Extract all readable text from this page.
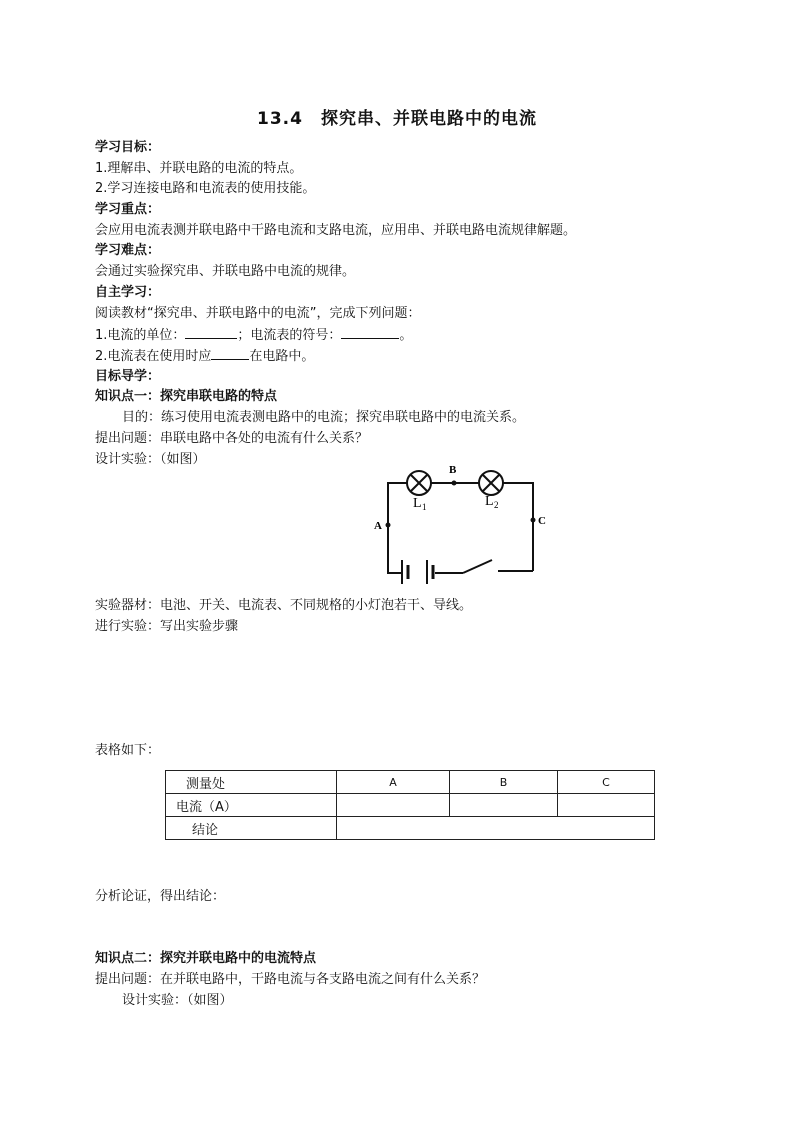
13.4　探究串、并联电路中的电流
学习目标：
1.理解串、并联电路的电流的特点。
2.学习连接电路和电流表的使用技能。
学习重点：
会应用电流表测并联电路中干路电流和支路电流，应用串、并联电路电流规律解题。
学习难点：
会通过实验探究串、并联电路中电流的规律。
自主学习：
阅读教材“探究串、并联电路中的电流”，完成下列问题：
1.电流的单位：	；电流表的符号：	。
2.电流表在使用时应	在电路中。
目标导学：
知识点一：探究串联电路的特点
目的：练习使用电流表测电路中的电流；探究串联电路中的电流关系。
提出问题：串联电路中各处的电流有什么关系？
设计实验：（如图）
B
A	C
L 1	L 2
实验器材：电池、开关、电流表、不同规格的小灯泡若干、导线。
进行实验：写出实验步骤
表格如下：
测量处	A	B	C
电流（A）			
结论			
分析论证，得出结论：
知识点二：探究并联电路中的电流特点
提出问题：在并联电路中，干路电流与各支路电流之间有什么关系？
设计实验：（如图）
